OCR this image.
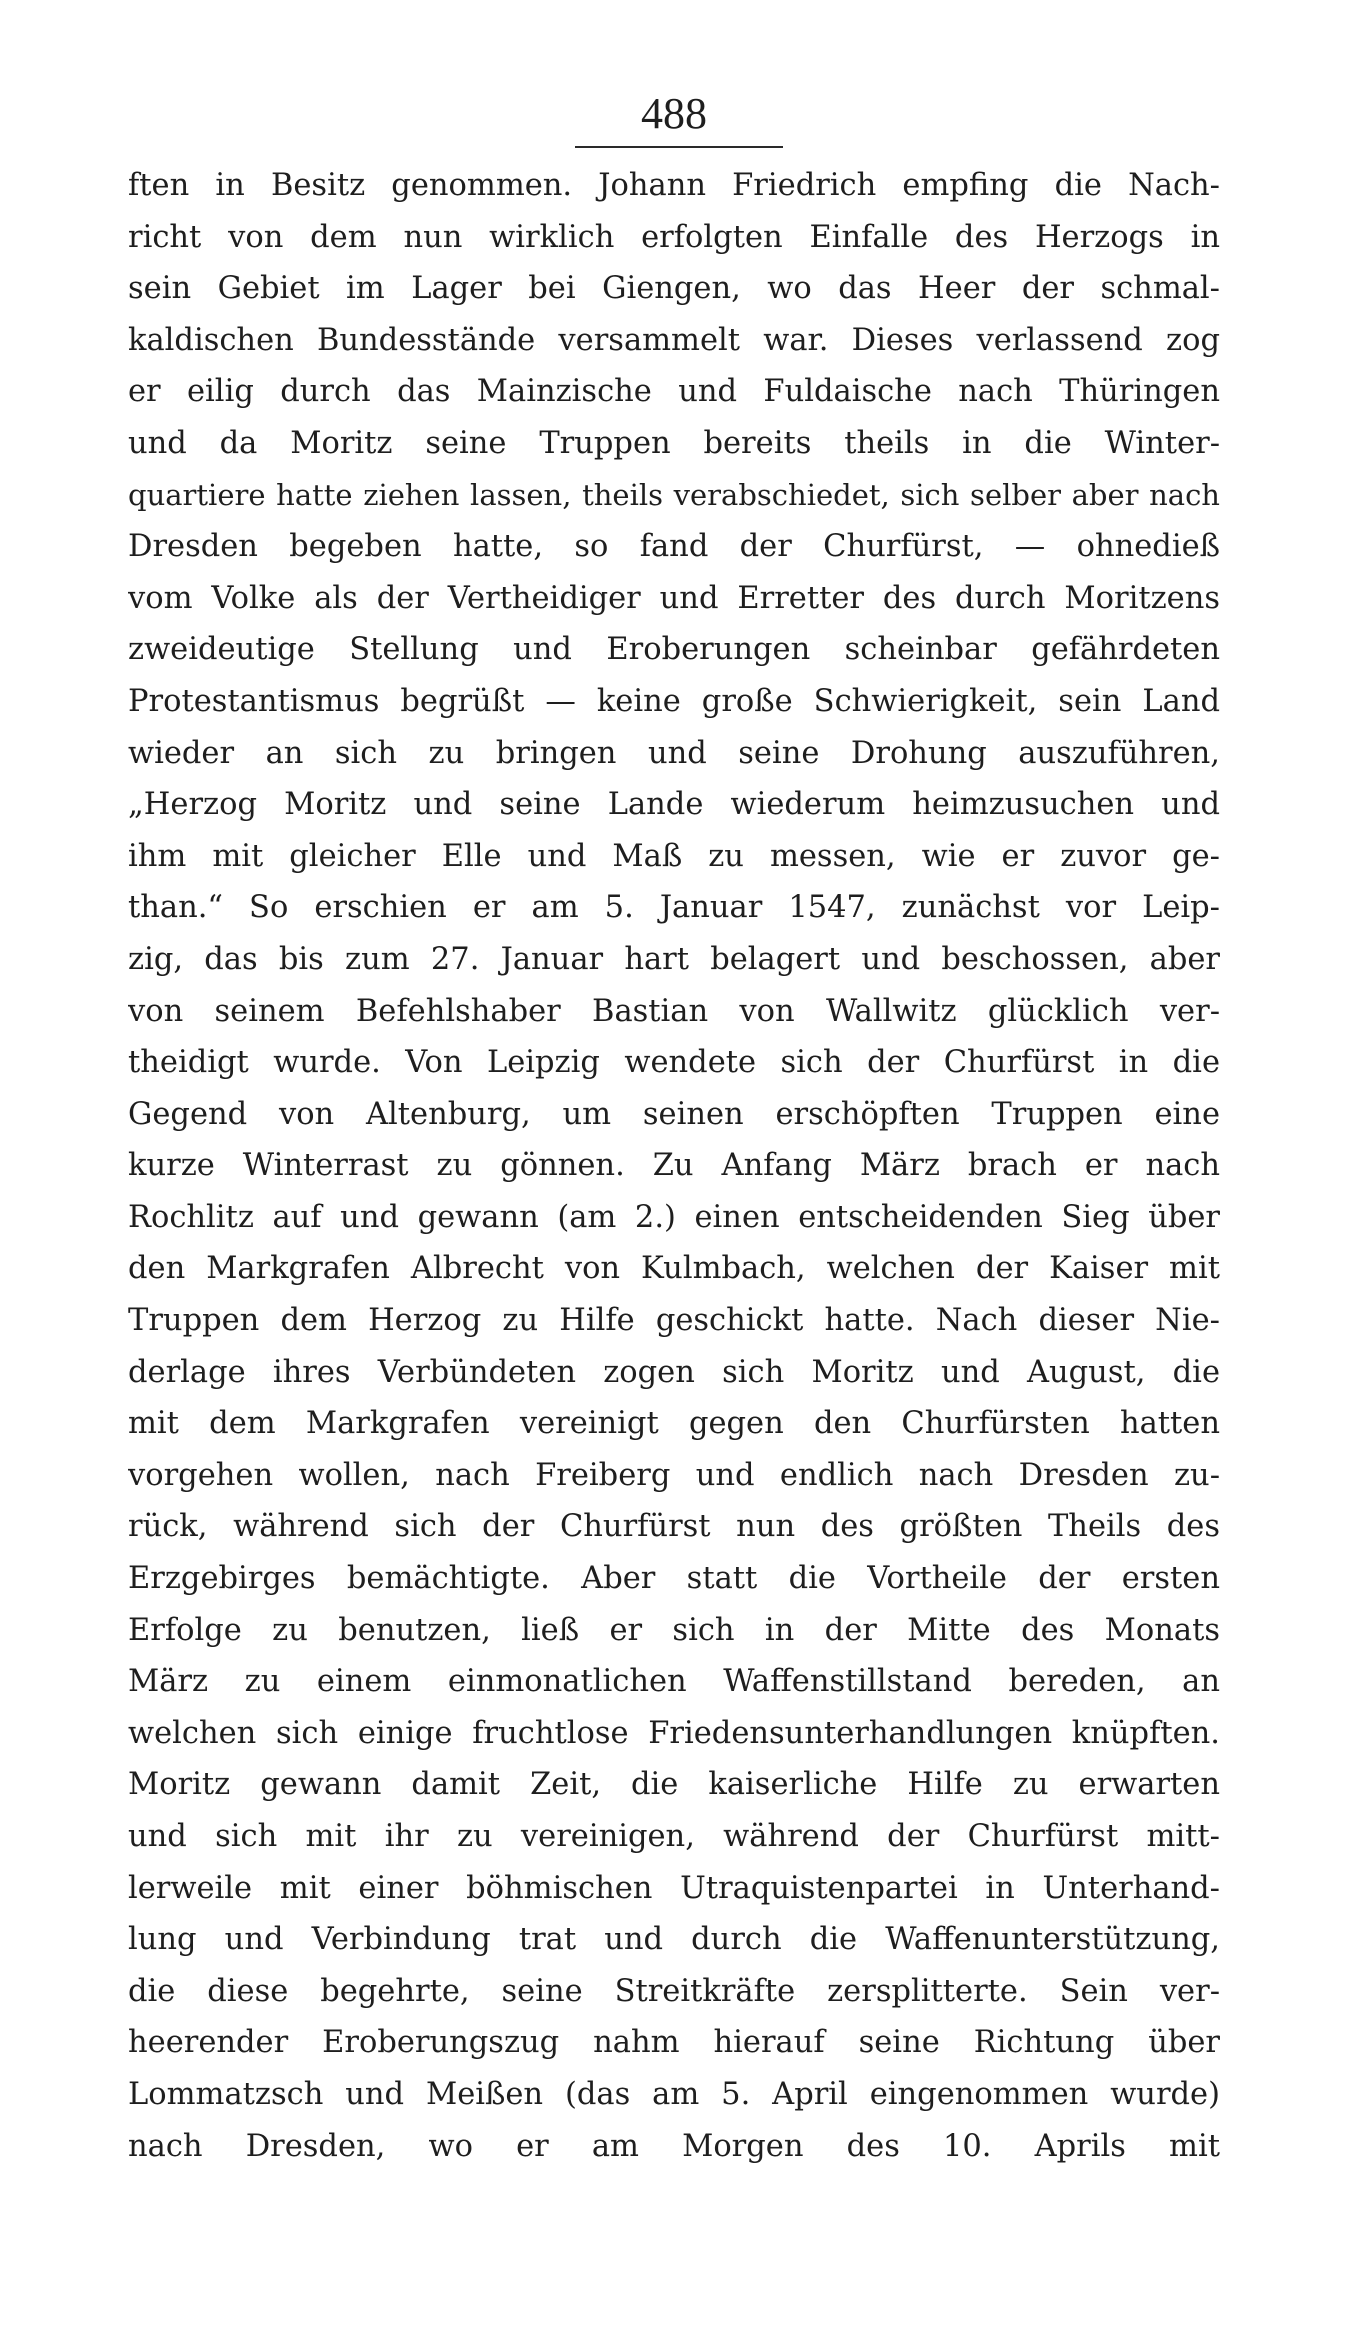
488
ften in Besitz genommen. Johann Friedrich empfing die Nach-
richt von dem nun wirklich erfolgten Einfalle des Herzogs in
sein Gebiet im Lager bei Giengen, wo das Heer der schmal-
kaldischen Bundesstände versammelt war. Dieses verlassend zog
er eilig durch das Mainzische und Fuldaische nach Thüringen
und da Moritz seine Truppen bereits theils in die Winter-
quartiere hatte ziehen lassen, theils verabschiedet, sich selber aber nach
Dresden begeben hatte, so fand der Churfürst, — ohnedieß
vom Volke als der Vertheidiger und Erretter des durch Moritzens
zweideutige Stellung und Eroberungen scheinbar gefährdeten
Protestantismus begrüßt — keine große Schwierigkeit, sein Land
wieder an sich zu bringen und seine Drohung auszuführen,
„Herzog Moritz und seine Lande wiederum heimzusuchen und
ihm mit gleicher Elle und Maß zu messen, wie er zuvor ge-
than.“ So erschien er am 5. Januar 1547, zunächst vor Leip-
zig, das bis zum 27. Januar hart belagert und beschossen, aber
von seinem Befehlshaber Bastian von Wallwitz glücklich ver-
theidigt wurde. Von Leipzig wendete sich der Churfürst in die
Gegend von Altenburg, um seinen erschöpften Truppen eine
kurze Winterrast zu gönnen. Zu Anfang März brach er nach
Rochlitz auf und gewann (am 2.) einen entscheidenden Sieg über
den Markgrafen Albrecht von Kulmbach, welchen der Kaiser mit
Truppen dem Herzog zu Hilfe geschickt hatte. Nach dieser Nie-
derlage ihres Verbündeten zogen sich Moritz und August, die
mit dem Markgrafen vereinigt gegen den Churfürsten hatten
vorgehen wollen, nach Freiberg und endlich nach Dresden zu-
rück, während sich der Churfürst nun des größten Theils des
Erzgebirges bemächtigte. Aber statt die Vortheile der ersten
Erfolge zu benutzen, ließ er sich in der Mitte des Monats
März zu einem einmonatlichen Waffenstillstand bereden, an
welchen sich einige fruchtlose Friedensunterhandlungen knüpften.
Moritz gewann damit Zeit, die kaiserliche Hilfe zu erwarten
und sich mit ihr zu vereinigen, während der Churfürst mitt-
lerweile mit einer böhmischen Utraquistenpartei in Unterhand-
lung und Verbindung trat und durch die Waffenunterstützung,
die diese begehrte, seine Streitkräfte zersplitterte. Sein ver-
heerender Eroberungszug nahm hierauf seine Richtung über
Lommatzsch und Meißen (das am 5. April eingenommen wurde)
nach Dresden, wo er am Morgen des 10. Aprils mit
